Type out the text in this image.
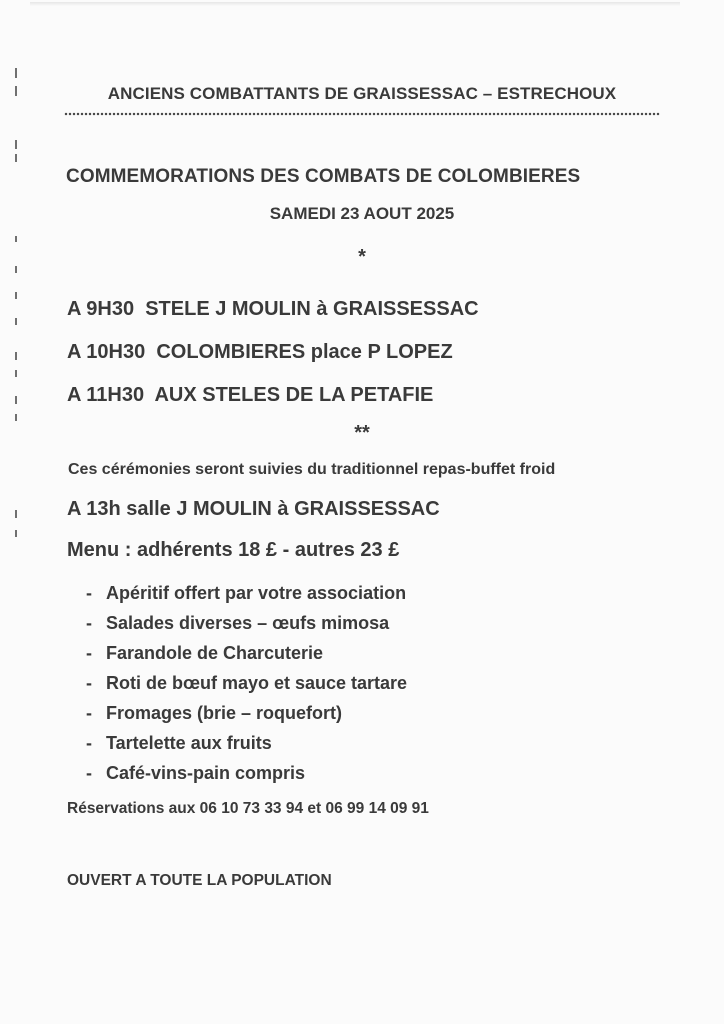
ANCIENS COMBATTANTS DE GRAISSESSAC – ESTRECHOUX
COMMEMORATIONS DES COMBATS DE COLOMBIERES
SAMEDI 23 AOUT 2025
*
A 9H30 STELE J MOULIN à GRAISSESSAC
A 10H30 COLOMBIERES place P LOPEZ
A 11H30 AUX STELES DE LA PETAFIE
**
Ces cérémonies seront suivies du traditionnel repas-buffet froid
A 13h salle J MOULIN à GRAISSESSAC
Menu : adhérents 18 £ - autres 23 £
- Apéritif offert par votre association
- Salades diverses – œufs mimosa
- Farandole de Charcuterie
- Roti de bœuf mayo et sauce tartare
- Fromages (brie – roquefort)
- Tartelette aux fruits
- Café-vins-pain compris
Réservations aux 06 10 73 33 94 et 06 99 14 09 91
OUVERT A TOUTE LA POPULATION
